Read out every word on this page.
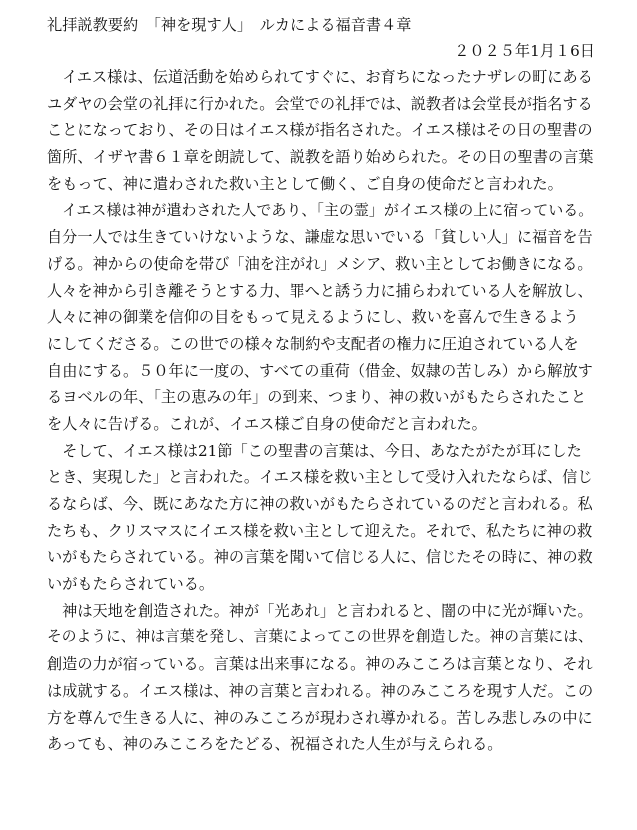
礼拝説教要約　「神を現す人」　ルカによる福音書４章
２０２５年1月１6日
　イエス様は、伝道活動を始められてすぐに、お育ちになったナザレの町にある
ユダヤの会堂の礼拝に行かれた。会堂での礼拝では、説教者は会堂長が指名する
ことになっており、その日はイエス様が指名された。イエス様はその日の聖書の
箇所、イザヤ書６１章を朗読して、説教を語り始められた。その日の聖書の言葉
をもって、神に遣わされた救い主として働く、ご自身の使命だと言われた。
　イエス様は神が遣わされた人であり、「主の霊」がイエス様の上に宿っている。
自分一人では生きていけないような、謙虚な思いでいる「貧しい人」に福音を告
げる。神からの使命を帯び「油を注がれ」メシア、救い主としてお働きになる。
人々を神から引き離そうとする力、罪へと誘う力に捕らわれている人を解放し、
人々に神の御業を信仰の目をもって見えるようにし、救いを喜んで生きるよう
にしてくださる。この世での様々な制約や支配者の権力に圧迫されている人を
自由にする。５０年に一度の、すべての重荷（借金、奴隷の苦しみ）から解放す
るヨベルの年、「主の恵みの年」の到来、つまり、神の救いがもたらされたこと
を人々に告げる。これが、イエス様ご自身の使命だと言われた。
　そして、イエス様は21節「この聖書の言葉は、今日、あなたがたが耳にした
とき、実現した」と言われた。イエス様を救い主として受け入れたならば、信じ
るならば、今、既にあなた方に神の救いがもたらされているのだと言われる。私
たちも、クリスマスにイエス様を救い主として迎えた。それで、私たちに神の救
いがもたらされている。神の言葉を聞いて信じる人に、信じたその時に、神の救
いがもたらされている。
　神は天地を創造された。神が「光あれ」と言われると、闇の中に光が輝いた。
そのように、神は言葉を発し、言葉によってこの世界を創造した。神の言葉には、
創造の力が宿っている。言葉は出来事になる。神のみこころは言葉となり、それ
は成就する。イエス様は、神の言葉と言われる。神のみこころを現す人だ。この
方を尊んで生きる人に、神のみこころが現わされ導かれる。苦しみ悲しみの中に
あっても、神のみこころをたどる、祝福された人生が与えられる。
